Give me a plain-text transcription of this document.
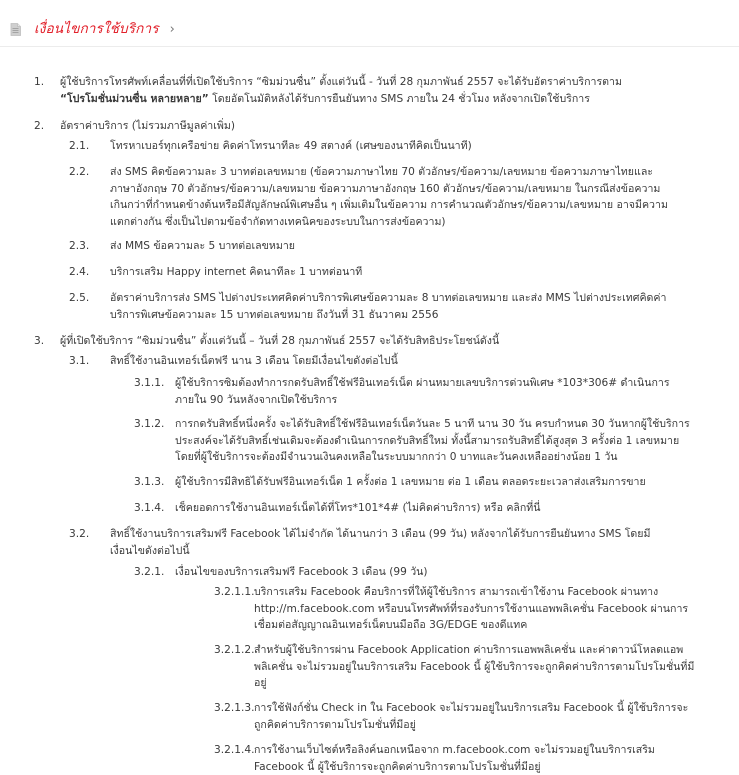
เงื่อนไขการใช้บริการ ›
1. ผู้ใช้บริการโทรศัพท์เคลื่อนที่ที่เปิดใช้บริการ “ซิมม่วนซื่น” ตั้งแต่วันนี้ - วันที่ 28 กุมภาพันธ์ 2557 จะได้รับอัตราค่าบริการตาม
“โปรโมชั่นม่วนซื่น หลายหลาย” โดยอัตโนมัติหลังได้รับการยืนยันทาง SMS ภายใน 24 ชั่วโมง หลังจากเปิดใช้บริการ
2. อัตราค่าบริการ (ไม่รวมภาษีมูลค่าเพิ่ม)
2.1. โทรหาเบอร์ทุกเครือข่าย คิดค่าโทรนาทีละ 49 สตางค์ (เศษของนาทีคิดเป็นนาที)
2.2. ส่ง SMS คิดข้อความละ 3 บาทต่อเลขหมาย (ข้อความภาษาไทย 70 ตัวอักษร/ข้อความ/เลขหมาย ข้อความภาษาไทยและ
ภาษาอังกฤษ 70 ตัวอักษร/ข้อความ/เลขหมาย ข้อความภาษาอังกฤษ 160 ตัวอักษร/ข้อความ/เลขหมาย ในกรณีส่งข้อความ
เกินกว่าที่กำหนดข้างต้นหรือมีสัญลักษณ์พิเศษอื่น ๆ เพิ่มเติมในข้อความ การคำนวณตัวอักษร/ข้อความ/เลขหมาย อาจมีความ
แตกต่างกัน ซึ่งเป็นไปตามข้อจำกัดทางเทคนิคของระบบในการส่งข้อความ)
2.3. ส่ง MMS ข้อความละ 5 บาทต่อเลขหมาย
2.4. บริการเสริม Happy internet คิดนาทีละ 1 บาทต่อนาที
2.5. อัตราค่าบริการส่ง SMS ไปต่างประเทศคิดค่าบริการพิเศษข้อความละ 8 บาทต่อเลขหมาย และส่ง MMS ไปต่างประเทศคิดค่า
บริการพิเศษข้อความละ 15 บาทต่อเลขหมาย ถึงวันที่ 31 ธันวาคม 2556
3. ผู้ที่เปิดใช้บริการ “ซิมม่วนซื่น” ตั้งแต่วันนี้ – วันที่ 28 กุมภาพันธ์ 2557 จะได้รับสิทธิประโยชน์ดังนี้
3.1. สิทธิ์ใช้งานอินเทอร์เน็ตฟรี นาน 3 เดือน โดยมีเงื่อนไขดังต่อไปนี้
3.1.1. ผู้ใช้บริการซิมต้องทำการกดรับสิทธิ์ใช้ฟรีอินเทอร์เน็ต ผ่านหมายเลขบริการด่วนพิเศษ *103*306# ดำเนินการ
ภายใน 90 วันหลังจากเปิดใช้บริการ
3.1.2. การกดรับสิทธิ์หนึ่งครั้ง จะได้รับสิทธิ์ใช้ฟรีอินเทอร์เน็ตวันละ 5 นาที นาน 30 วัน ครบกำหนด 30 วันหากผู้ใช้บริการ
ประสงค์จะได้รับสิทธิ์เช่นเดิมจะต้องดำเนินการกดรับสิทธิ์ใหม่ ทั้งนี้สามารถรับสิทธิ์ได้สูงสุด 3 ครั้งต่อ 1 เลขหมาย
โดยที่ผู้ใช้บริการจะต้องมีจำนวนเงินคงเหลือในระบบมากกว่า 0 บาทและวันคงเหลืออย่างน้อย 1 วัน
3.1.3. ผู้ใช้บริการมีสิทธิได้รับฟรีอินเทอร์เน็ต 1 ครั้งต่อ 1 เลขหมาย ต่อ 1 เดือน ตลอดระยะเวลาส่งเสริมการขาย
3.1.4. เช็คยอดการใช้งานอินเทอร์เน็ตได้ที่โทร*101*4# (ไม่คิดค่าบริการ) หรือ คลิกที่นี่
3.2. สิทธิ์ใช้งานบริการเสริมฟรี Facebook ได้ไม่จำกัด ได้นานกว่า 3 เดือน (99 วัน) หลังจากได้รับการยืนยันทาง SMS โดยมี
เงื่อนไขดังต่อไปนี้
3.2.1. เงื่อนไขของบริการเสริมฟรี Facebook 3 เดือน (99 วัน)
3.2.1.1. บริการเสริม Facebook คือบริการที่ให้ผู้ใช้บริการ สามารถเข้าใช้งาน Facebook ผ่านทาง
http://m.facebook.com หรือบนโทรศัพท์ที่รองรับการใช้งานแอพพลิเคชั่น Facebook ผ่านการ
เชื่อมต่อสัญญาณอินเทอร์เน็ตบนมือถือ 3G/EDGE ของดีแทค
3.2.1.2. สำหรับผู้ใช้บริการผ่าน Facebook Application ค่าบริการแอพพลิเคชั่น และค่าดาวน์โหลดแอพ
พลิเคชั่น จะไม่รวมอยู่ในบริการเสริม Facebook นี้ ผู้ใช้บริการจะถูกคิดค่าบริการตามโปรโมชั่นที่มี
อยู่
3.2.1.3. การใช้ฟังก์ชั่น Check in ใน Facebook จะไม่รวมอยู่ในบริการเสริม Facebook นี้ ผู้ใช้บริการจะ
ถูกคิดค่าบริการตามโปรโมชั่นที่มีอยู่
3.2.1.4. การใช้งานเว็บไซต์หรือลิงค์นอกเหนือจาก m.facebook.com จะไม่รวมอยู่ในบริการเสริม
Facebook นี้ ผู้ใช้บริการจะถูกคิดค่าบริการตามโปรโมชั่นที่มีอยู่
